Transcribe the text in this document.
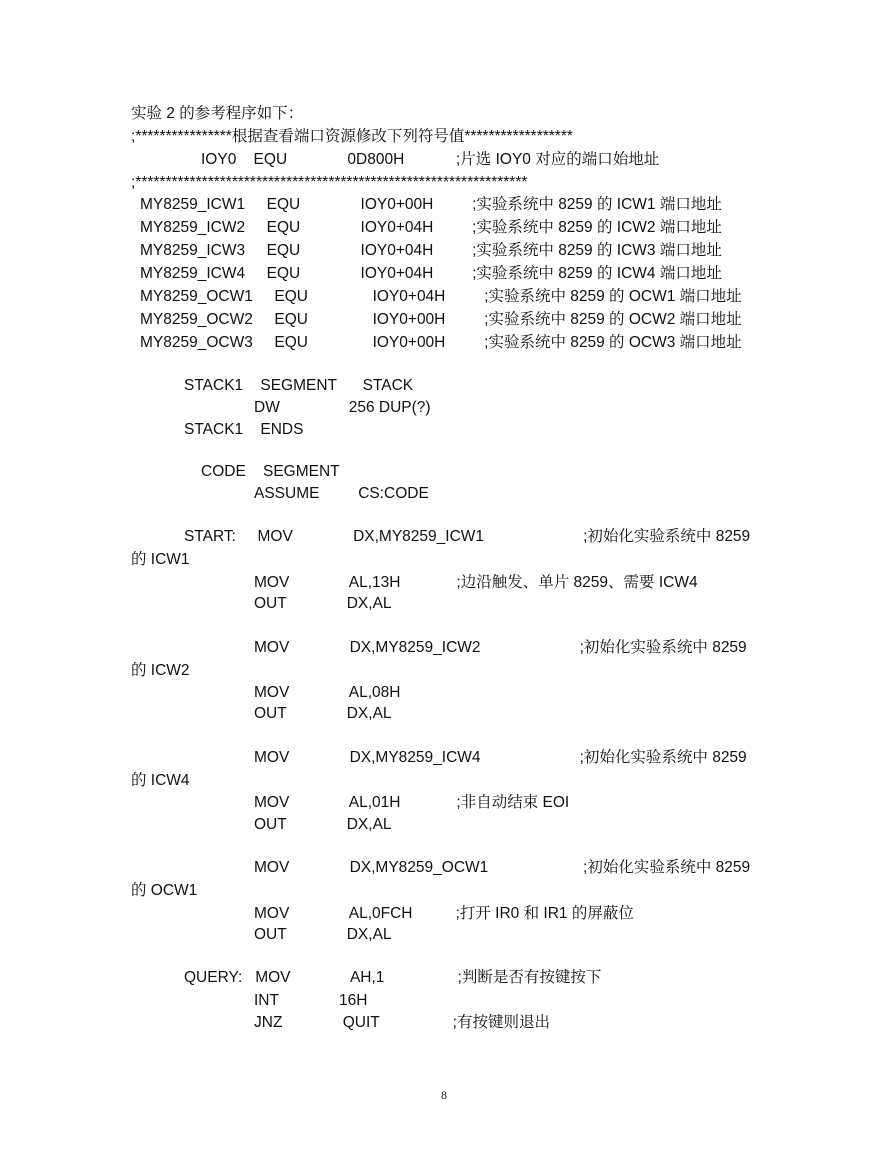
实验 2 的参考程序如下：
;****************根据查看端口资源修改下列符号值******************
IOY0    EQU              0D800H            ;片选 IOY0 对应的端口始地址
;*****************************************************************
MY8259_ICW1     EQU              IOY0+00H         ;实验系统中 8259 的 ICW1 端口地址
MY8259_ICW2     EQU              IOY0+04H         ;实验系统中 8259 的 ICW2 端口地址
MY8259_ICW3     EQU              IOY0+04H         ;实验系统中 8259 的 ICW3 端口地址
MY8259_ICW4     EQU              IOY0+04H         ;实验系统中 8259 的 ICW4 端口地址
MY8259_OCW1     EQU               IOY0+04H         ;实验系统中 8259 的 OCW1 端口地址
MY8259_OCW2     EQU               IOY0+00H         ;实验系统中 8259 的 OCW2 端口地址
MY8259_OCW3     EQU               IOY0+00H         ;实验系统中 8259 的 OCW3 端口地址
STACK1    SEGMENT      STACK
DW                256 DUP(?)
STACK1    ENDS
CODE    SEGMENT
ASSUME         CS:CODE
START:     MOV              DX,MY8259_ICW1                       ;初始化实验系统中 8259
的 ICW1
MOV              AL,13H             ;边沿触发、单片 8259、需要 ICW4
OUT              DX,AL
MOV              DX,MY8259_ICW2                       ;初始化实验系统中 8259
的 ICW2
MOV              AL,08H
OUT              DX,AL
MOV              DX,MY8259_ICW4                       ;初始化实验系统中 8259
的 ICW4
MOV              AL,01H             ;非自动结束 EOI
OUT              DX,AL
MOV              DX,MY8259_OCW1                      ;初始化实验系统中 8259
的 OCW1
MOV              AL,0FCH          ;打开 IR0 和 IR1 的屏蔽位
OUT              DX,AL
QUERY:   MOV              AH,1                 ;判断是否有按键按下
INT              16H
JNZ              QUIT                 ;有按键则退出
8
